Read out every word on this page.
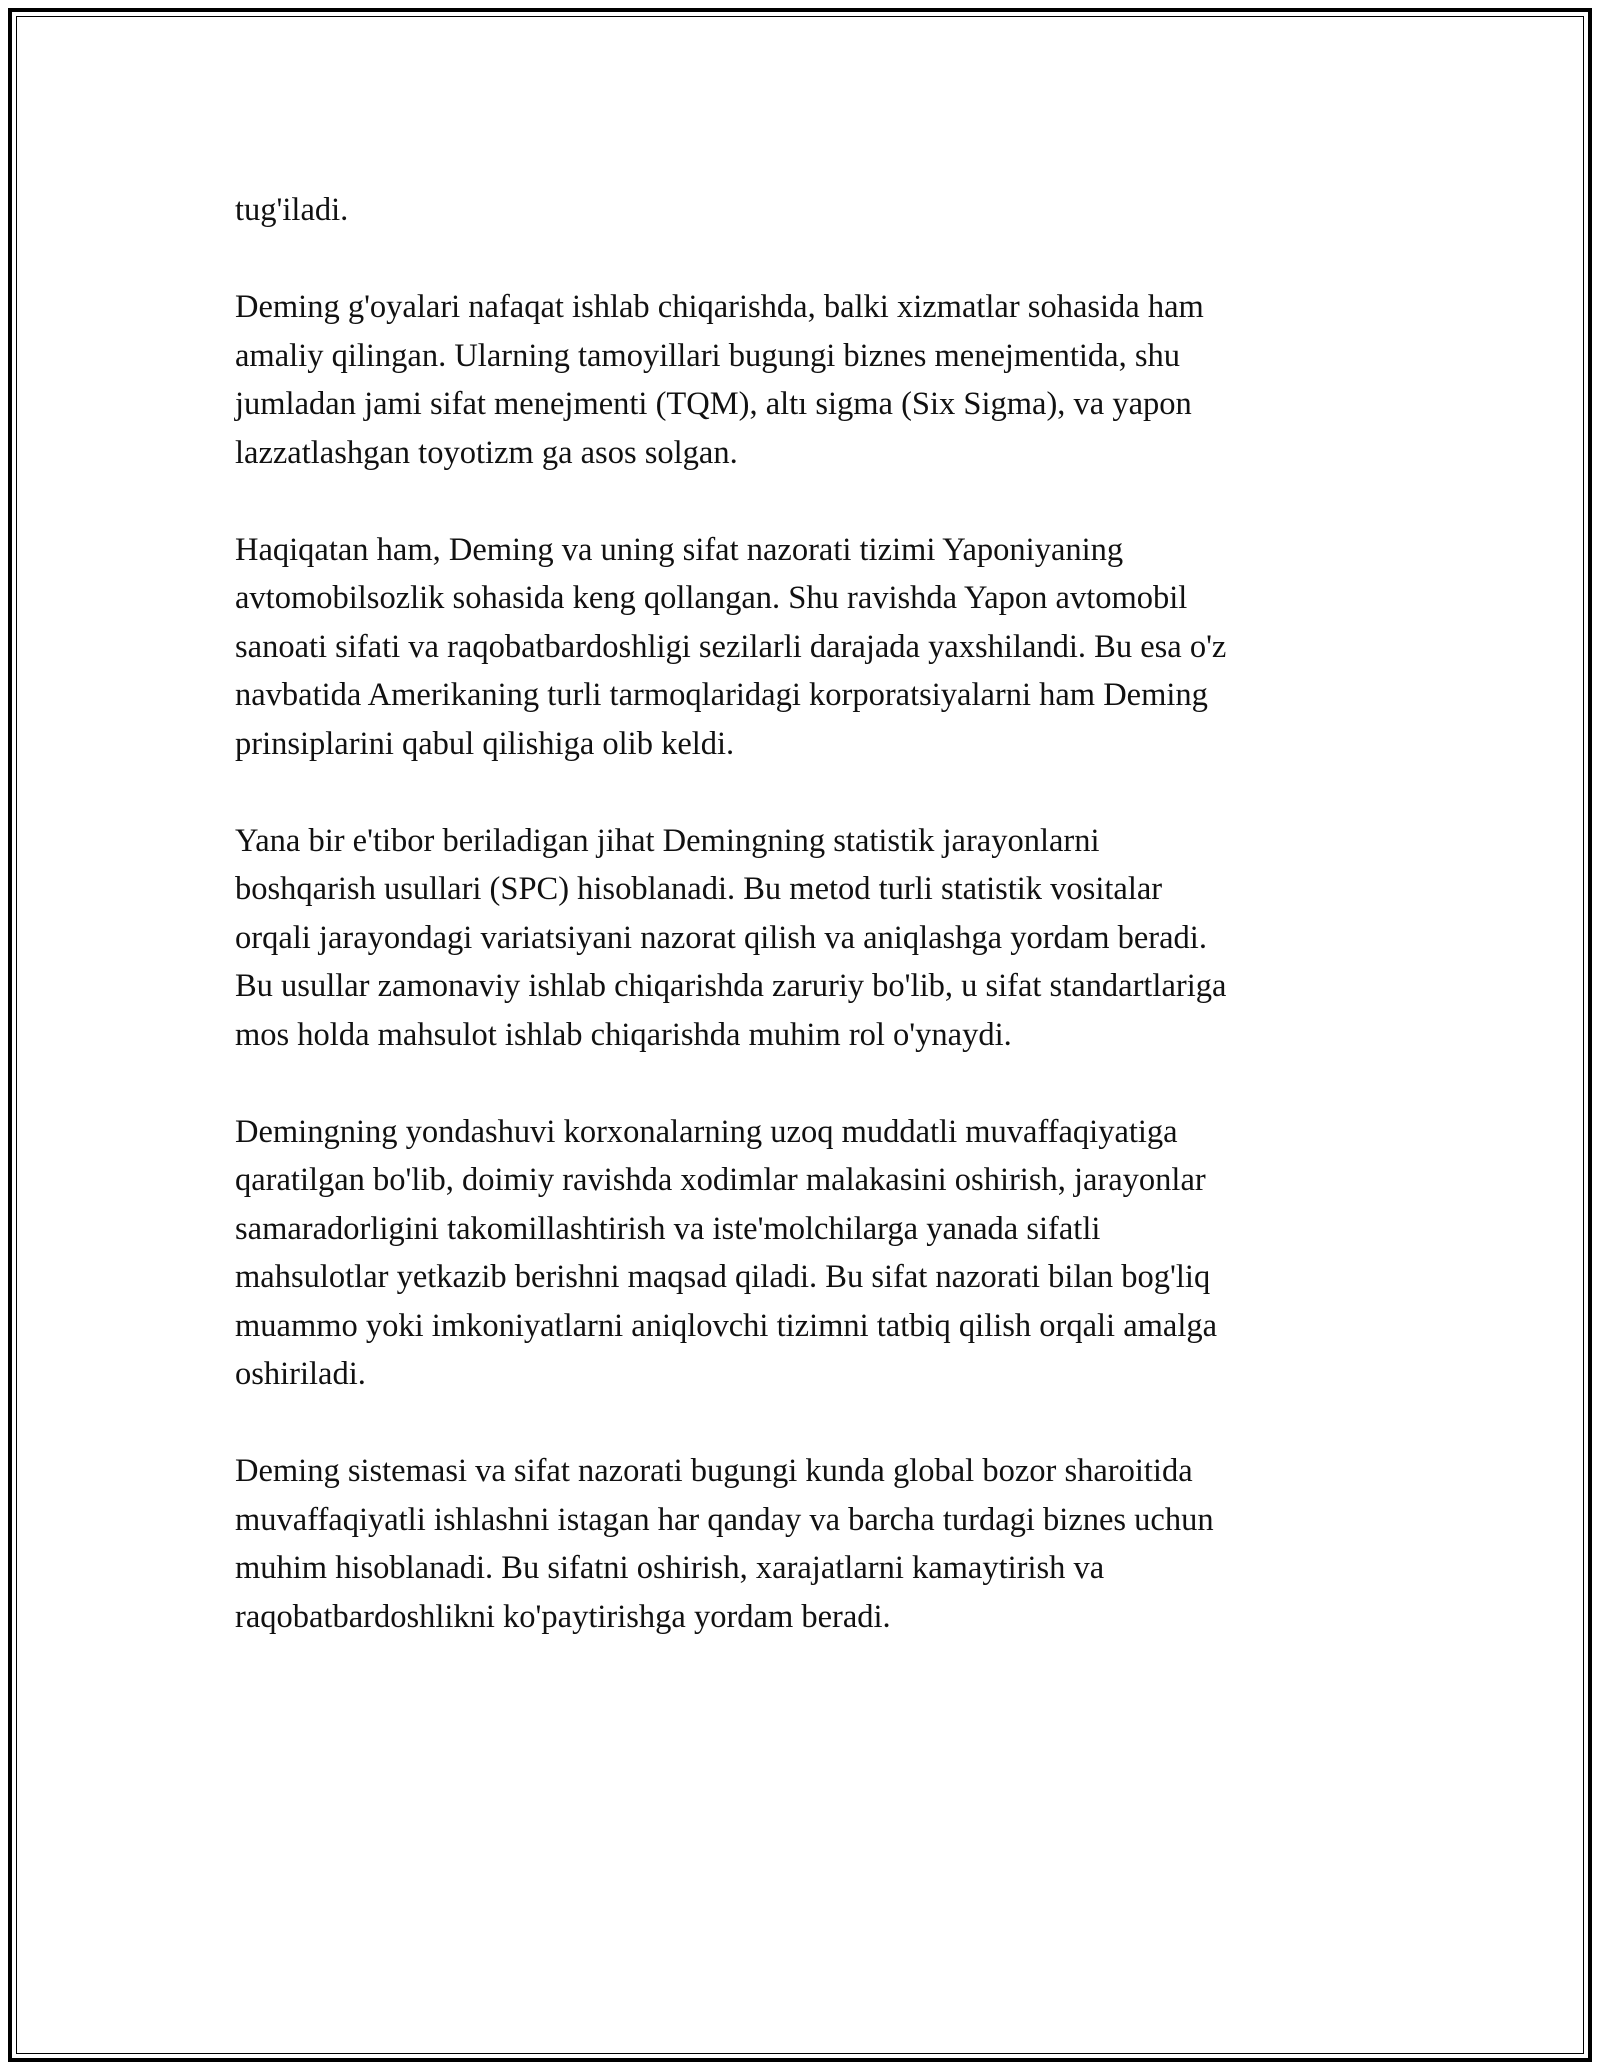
tug'iladi.

Deming g'oyalari nafaqat ishlab chiqarishda, balki xizmatlar sohasida ham
amaliy qilingan. Ularning tamoyillari bugungi biznes menejmentida, shu
jumladan jami sifat menejmenti (TQM), altı sigma (Six Sigma), va yapon
lazzatlashgan toyotizm ga asos solgan.

Haqiqatan ham, Deming va uning sifat nazorati tizimi Yaponiyaning
avtomobilsozlik sohasida keng qollangan. Shu ravishda Yapon avtomobil
sanoati sifati va raqobatbardoshligi sezilarli darajada yaxshilandi. Bu esa o'z
navbatida Amerikaning turli tarmoqlaridagi korporatsiyalarni ham Deming
prinsiplarini qabul qilishiga olib keldi.

Yana bir e'tibor beriladigan jihat Demingning statistik jarayonlarni
boshqarish usullari (SPC) hisoblanadi. Bu metod turli statistik vositalar
orqali jarayondagi variatsiyani nazorat qilish va aniqlashga yordam beradi.
Bu usullar zamonaviy ishlab chiqarishda zaruriy bo'lib, u sifat standartlariga
mos holda mahsulot ishlab chiqarishda muhim rol o'ynaydi.

Demingning yondashuvi korxonalarning uzoq muddatli muvaffaqiyatiga
qaratilgan bo'lib, doimiy ravishda xodimlar malakasini oshirish, jarayonlar
samaradorligini takomillashtirish va iste'molchilarga yanada sifatli
mahsulotlar yetkazib berishni maqsad qiladi. Bu sifat nazorati bilan bog'liq
muammo yoki imkoniyatlarni aniqlovchi tizimni tatbiq qilish orqali amalga
oshiriladi.

Deming sistemasi va sifat nazorati bugungi kunda global bozor sharoitida
muvaffaqiyatli ishlashni istagan har qanday va barcha turdagi biznes uchun
muhim hisoblanadi. Bu sifatni oshirish, xarajatlarni kamaytirish va
raqobatbardoshlikni ko'paytirishga yordam beradi.
